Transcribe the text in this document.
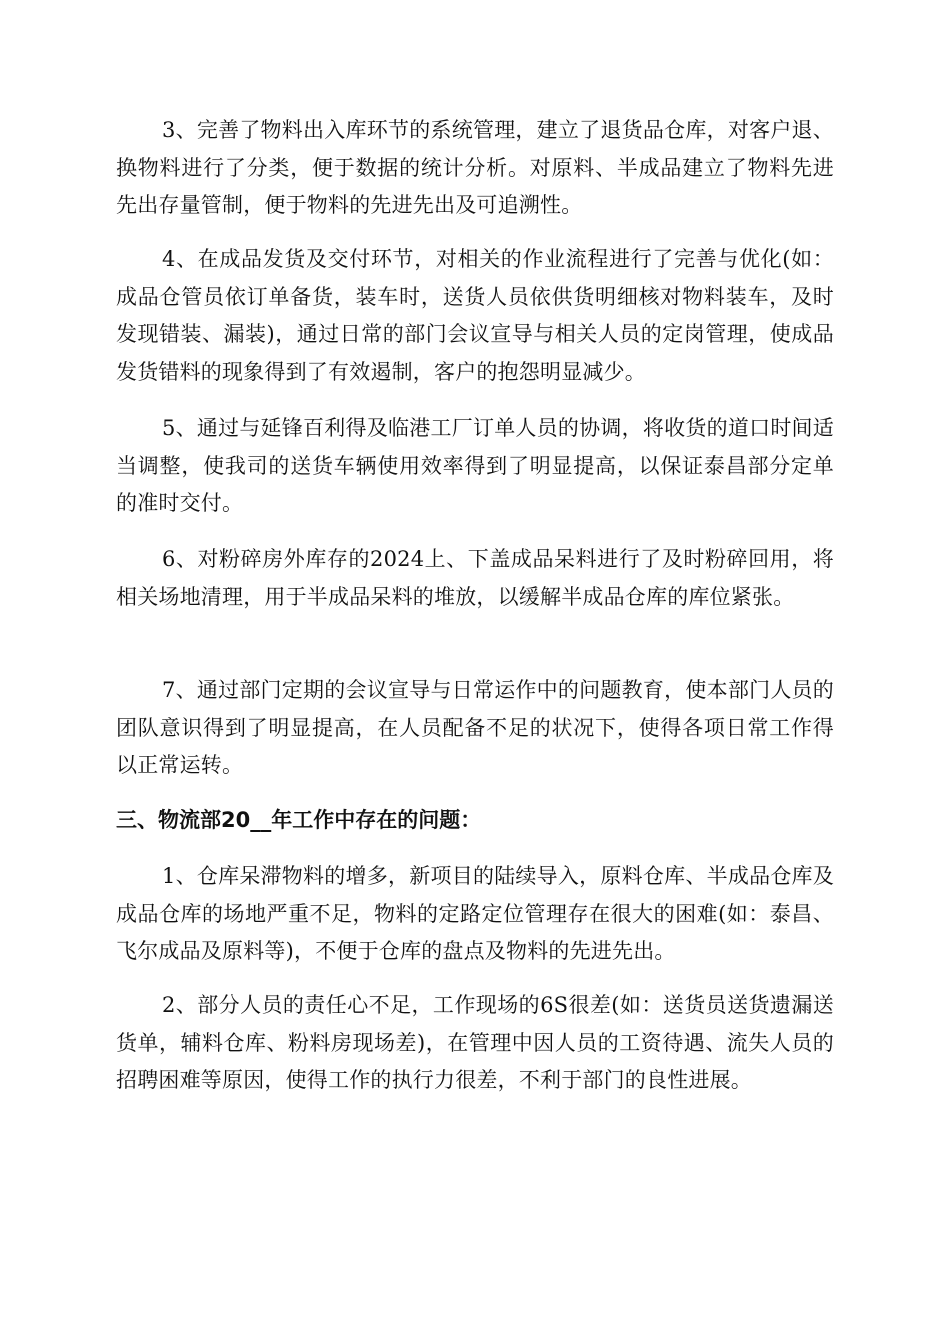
3、完善了物料出入库环节的系统管理，建立了退货品仓库，对客户退、换物料进行了分类，便于数据的统计分析。对原料、半成品建立了物料先进先出存量管制，便于物料的先进先出及可追溯性。

4、在成品发货及交付环节，对相关的作业流程进行了完善与优化(如：成品仓管员依订单备货，装车时，送货人员依供货明细核对物料装车，及时发现错装、漏装)，通过日常的部门会议宣导与相关人员的定岗管理，使成品发货错料的现象得到了有效遏制，客户的抱怨明显减少。

5、通过与延锋百利得及临港工厂订单人员的协调，将收货的道口时间适当调整，使我司的送货车辆使用效率得到了明显提高，以保证泰昌部分定单的准时交付。

6、对粉碎房外库存的2024上、下盖成品呆料进行了及时粉碎回用，将相关场地清理，用于半成品呆料的堆放，以缓解半成品仓库的库位紧张。

7、通过部门定期的会议宣导与日常运作中的问题教育，使本部门人员的团队意识得到了明显提高，在人员配备不足的状况下，使得各项日常工作得以正常运转。

三、物流部20__年工作中存在的问题：

1、仓库呆滞物料的增多，新项目的陆续导入，原料仓库、半成品仓库及成品仓库的场地严重不足，物料的定路定位管理存在很大的困难(如：泰昌、飞尔成品及原料等)，不便于仓库的盘点及物料的先进先出。

2、部分人员的责任心不足，工作现场的6S很差(如：送货员送货遗漏送货单，辅料仓库、粉料房现场差)，在管理中因人员的工资待遇、流失人员的招聘困难等原因，使得工作的执行力很差，不利于部门的良性进展。
